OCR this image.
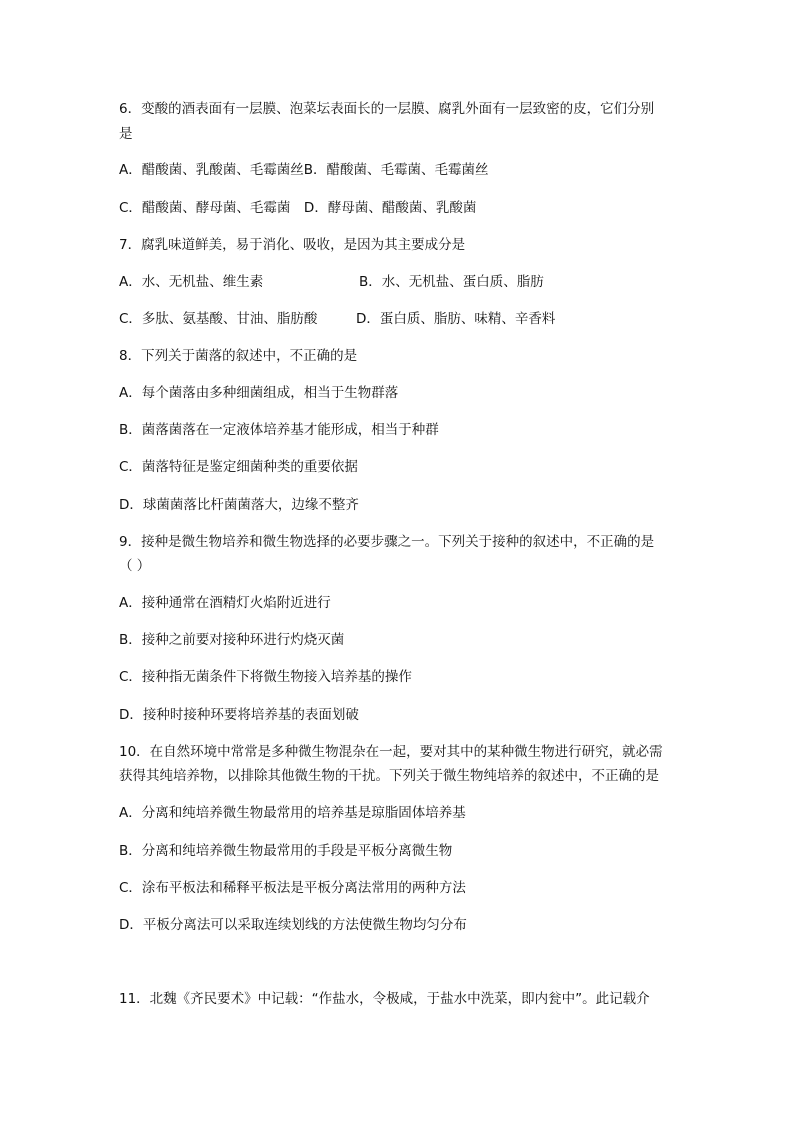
6．变酸的酒表面有一层膜、泡菜坛表面长的一层膜、腐乳外面有一层致密的皮，它们分别
是
A．醋酸菌、乳酸菌、毛霉菌丝B．醋酸菌、毛霉菌、毛霉菌丝
C．醋酸菌、酵母菌、毛霉菌　D．酵母菌、醋酸菌、乳酸菌
7．腐乳味道鲜美，易于消化、吸收，是因为其主要成分是
A．水、无机盐、维生素	B．水、无机盐、蛋白质、脂肪
C．多肽、氨基酸、甘油、脂肪酸	D．蛋白质、脂肪、味精、辛香料
8．下列关于菌落的叙述中，不正确的是
A．每个菌落由多种细菌组成，相当于生物群落
B．菌落菌落在一定液体培养基才能形成，相当于种群
C．菌落特征是鉴定细菌种类的重要依据
D．球菌菌落比杆菌菌落大，边缘不整齐
9．接种是微生物培养和微生物选择的必要步骤之一。下列关于接种的叙述中，不正确的是
（ ）
A．接种通常在酒精灯火焰附近进行
B．接种之前要对接种环进行灼烧灭菌
C．接种指无菌条件下将微生物接入培养基的操作
D．接种时接种环要将培养基的表面划破
10．在自然环境中常常是多种微生物混杂在一起，要对其中的某种微生物进行研究，就必需
获得其纯培养物，以排除其他微生物的干扰。下列关于微生物纯培养的叙述中，不正确的是
A．分离和纯培养微生物最常用的培养基是琼脂固体培养基
B．分离和纯培养微生物最常用的手段是平板分离微生物
C．涂布平板法和稀释平板法是平板分离法常用的两种方法
D．平板分离法可以采取连续划线的方法使微生物均匀分布
11．北魏《齐民要术》中记载：“作盐水，令极咸，于盐水中洗菜，即内瓮中”。此记载介
